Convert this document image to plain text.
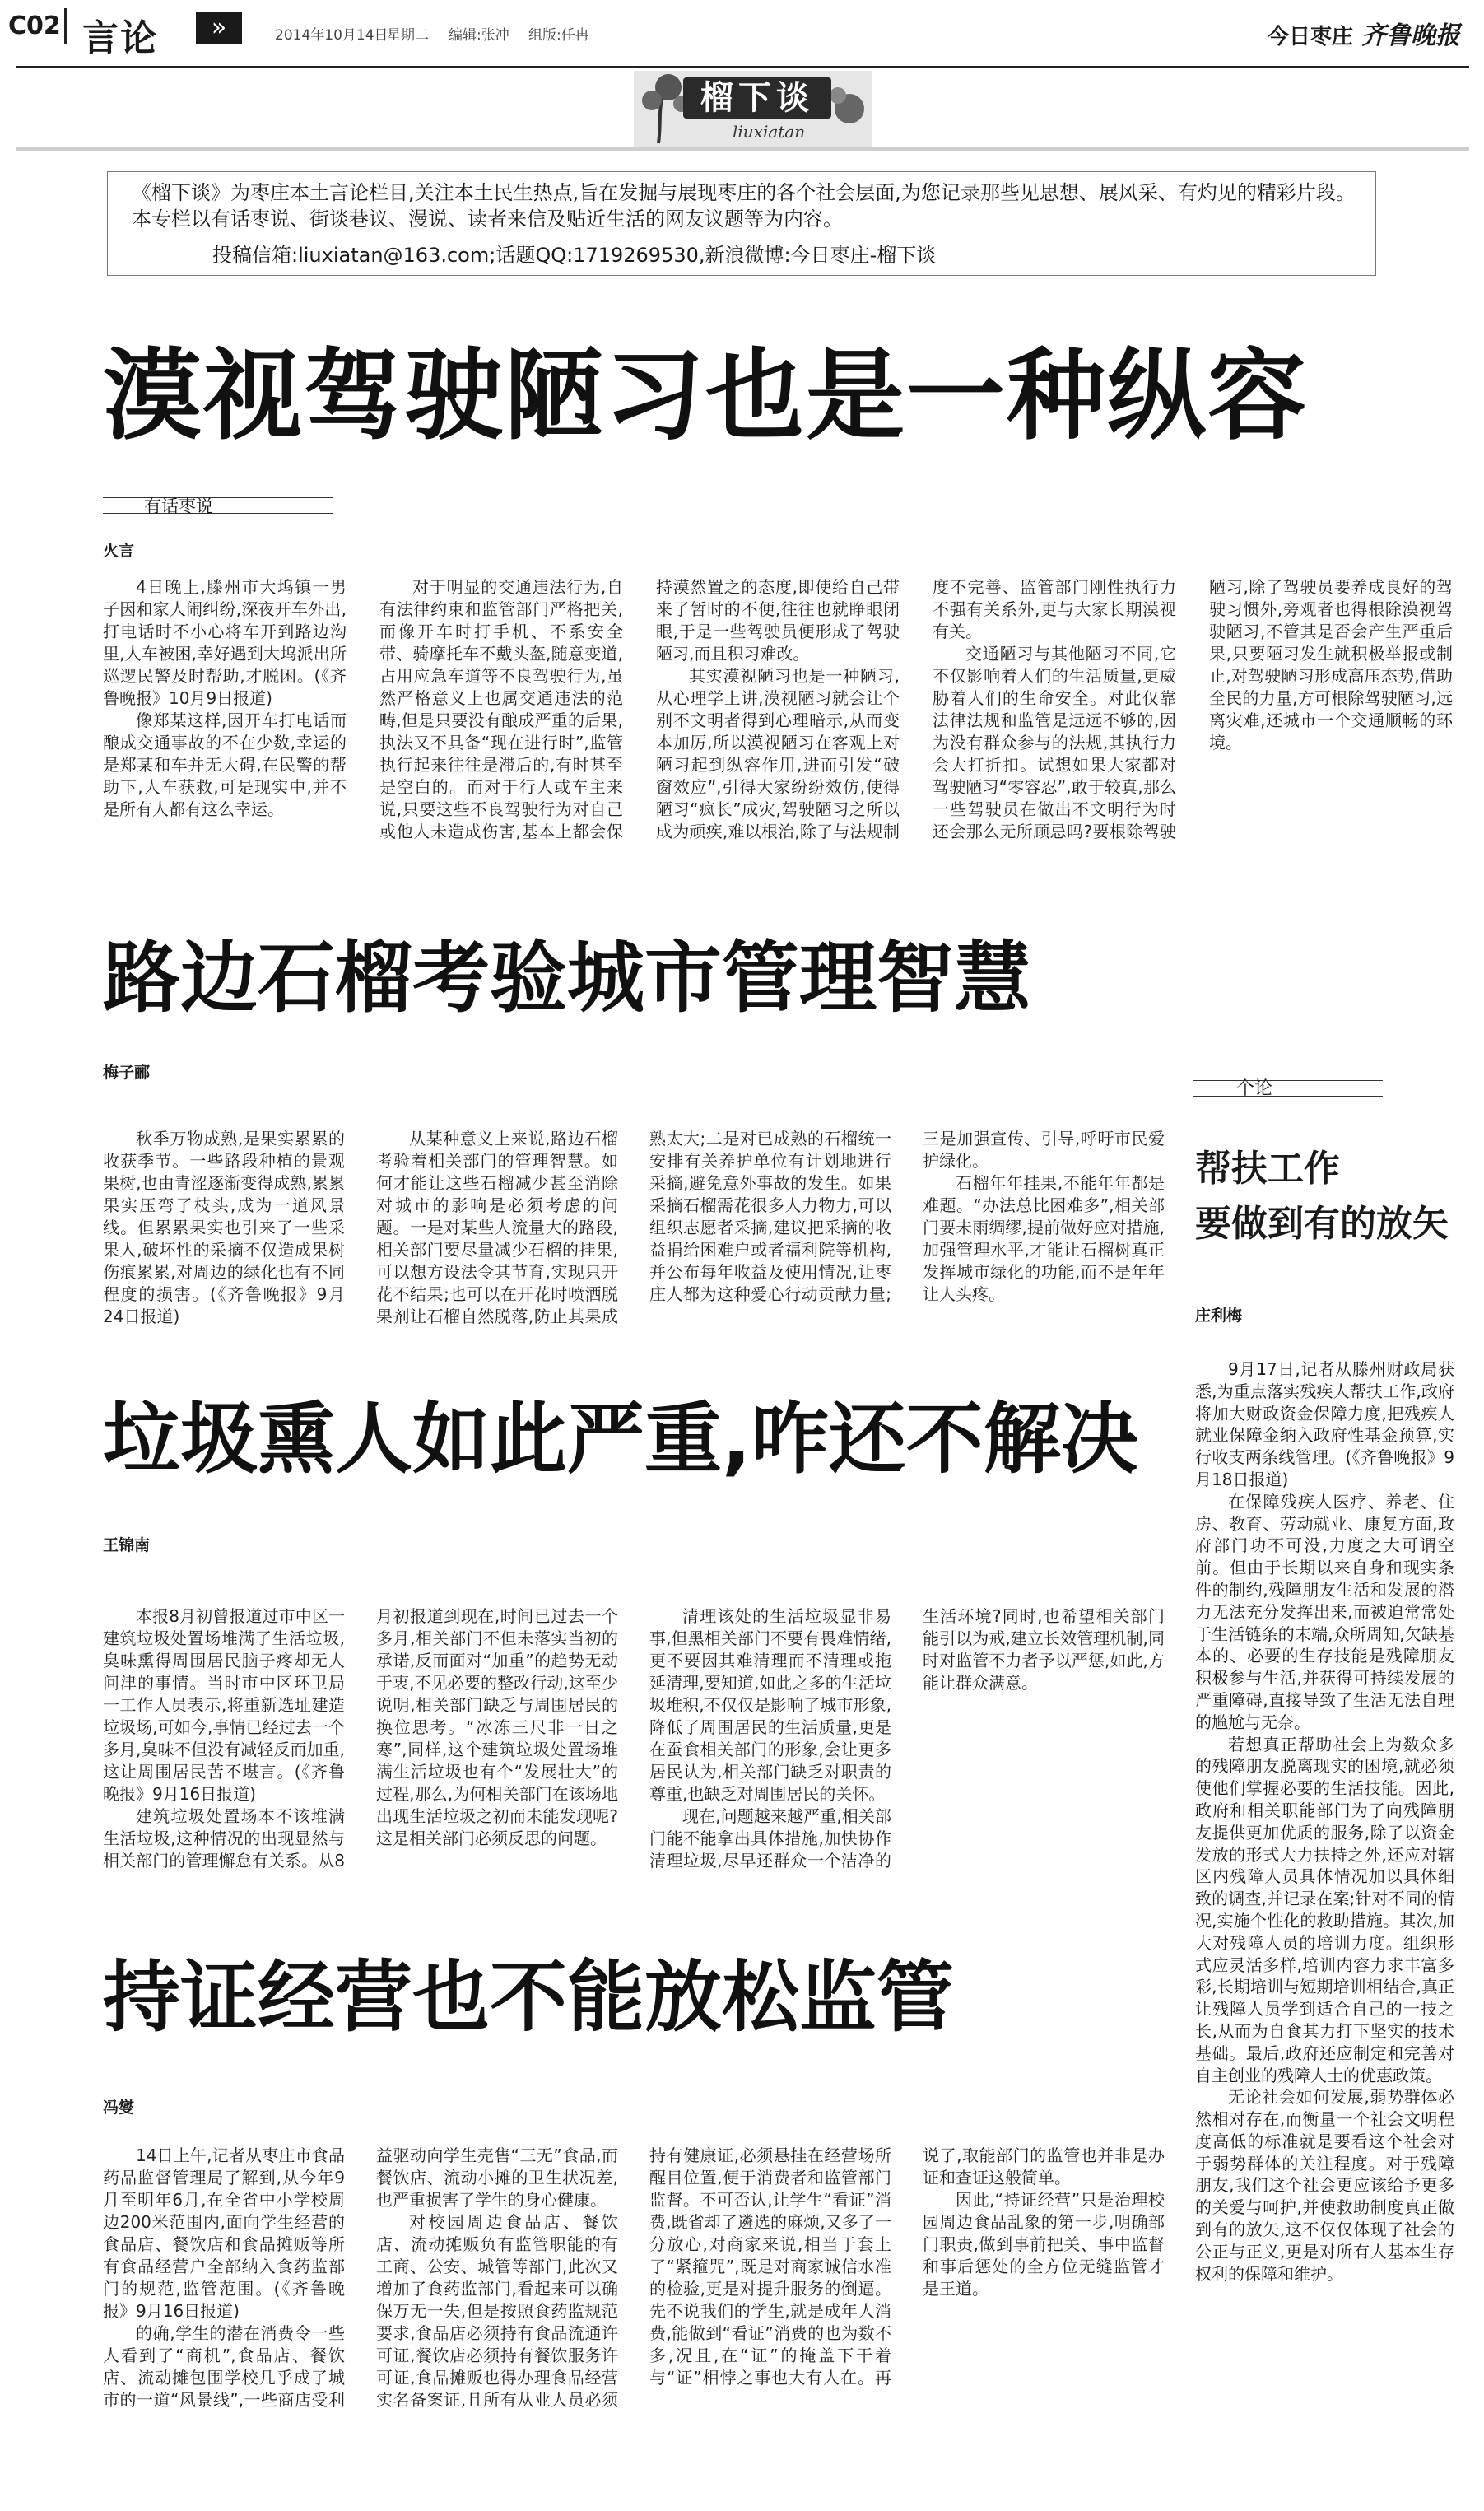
C02 言论	»	2014年10月14日
星期二 编辑:张冲 组版:任冉	今日枣庄 齐鲁晚报
榴下谈
liuxiatan
《榴下谈》为枣庄本土言论栏目,关注本土民生热点,旨在发掘与展现枣庄的各个社会层面,为您记录那些见思想、展风采、有灼见的精彩片段。本专栏以有话枣说、街谈巷议、漫说、读者来信及贴近生活的网友议题等为内容。
投稿信箱:liuxiatan@163.com;话题QQ:1719269530,新浪微博:今日枣庄-榴下谈
漠视驾驶陋习也是一种纵容
有话枣说
火言

4日晚上,滕州市大坞镇一男子因和家人闹纠纷,深夜开车外出,打电话时不小心将车开到路边沟里,人车被困,幸好遇到大坞派出所巡逻民警及时帮助,才脱困。(《齐鲁晚报》10月9日报道)

像郑某这样,因开车打电话而酿成交通事故的不在少数,幸运的是郑某和车并无大碍,在民警的帮助下,人车获救,可是现实中,并不是所有人都有这么幸运。

对于明显的交通违法行为,自有法律约束和监管部门严格把关,而像开车时打手机、不系安全带、骑摩托车不戴头盔,随意变道,占用应急车道等不良驾驶行为,虽然严格意义上也属交通违法的范畴,但是只要没有酿成严重的后果,执法又不具备“现在进行时”,监管执行起来往往是滞后的,有时甚至是空白的。而对于行人或车主来说,只要这些不良驾驶行为对自己或他人未造成伤害,基本上都会保持漠然置之的态度,即使给自己带来了暂时的不便,往往也就睁眼闭眼,于是一些驾驶员便形成了驾驶陋习,而且积习难改。

其实漠视陋习也是一种陋习,从心理学上讲,漠视陋习就会让个别不文明者得到心理暗示,从而变本加厉,所以漠视陋习在客观上对陋习起到纵容作用,进而引发“破窗效应”,引得大家纷纷效仿,使得陋习“疯长”成灾,驾驶陋习之所以成为顽疾,难以根治,除了与法规制度不完善、监管部门刚性执行力不强有关系外,更与大家长期漠视有关。

交通陋习与其他陋习不同,它不仅影响着人们的生活质量,更威胁着人们的生命安全。对此仅靠法律法规和监管是远远不够的,因为没有群众参与的法规,其执行力会大打折扣。试想如果大家都对驾驶陋习“零容忍”,敢于较真,那么一些驾驶员在做出不文明行为时还会那么无所顾忌吗?要根除驾驶陋习,除了驾驶员要养成良好的驾驶习惯外,旁观者也得根除漠视驾驶陋习,不管其是否会产生严重后果,只要陋习发生就积极举报或制止,对驾驶陋习形成高压态势,借助全民的力量,方可根除驾驶陋习,远离灾难,还城市一个交通顺畅的环境。

路边石榴考验城市管理智慧
梅子郦

秋季万物成熟,是果实累累的收获季节。一些路段种植的景观果树,也由青涩逐渐变得成熟,累累果实压弯了枝头,成为一道风景线。但累累果实也引来了一些采果人,破坏性的采摘不仅造成果树伤痕累累,对周边的绿化也有不同程度的损害。(《齐鲁晚报》9月24日报道)

从某种意义上来说,路边石榴考验着相关部门的管理智慧。如何才能让这些石榴减少甚至消除对城市的影响是必须考虑的问题。一是对某些人流量大的路段,相关部门要尽量减少石榴的挂果,可以想方设法令其节育,实现只开花不结果;也可以在开花时喷洒脱果剂让石榴自然脱落,防止其果成熟太大;二是对已成熟的石榴统一安排有关养护单位有计划地进行采摘,避免意外事故的发生。如果采摘石榴需花很多人力物力,可以组织志愿者采摘,建议把采摘的收益捐给困难户或者福利院等机构,并公布每年收益及使用情况,让枣庄人都为这种爱心行动贡献力量;三是加强宣传、引导,呼吁市民爱护绿化。

石榴年年挂果,不能年年都是难题。“办法总比困难多”,相关部门要未雨绸缪,提前做好应对措施,加强管理水平,才能让石榴树真正发挥城市绿化的功能,而不是年年让人头疼。

垃圾熏人如此严重,咋还不解决
王锦南

本报8月初曾报道过市中区一建筑垃圾处置场堆满了生活垃圾,臭味熏得周围居民脑子疼却无人问津的事情。当时市中区环卫局一工作人员表示,将重新选址建造垃圾场,可如今,事情已经过去一个多月,臭味不但没有减轻反而加重,这让周围居民苦不堪言。(《齐鲁晚报》9月16日报道)

建筑垃圾处置场本不该堆满生活垃圾,这种情况的出现显然与相关部门的管理懈怠有关系。从8月初报道到现在,时间已过去一个多月,相关部门不但未落实当初的承诺,反而面对“加重”的趋势无动于衷,不见必要的整改行动,这至少说明,相关部门缺乏与周围居民的换位思考。“冰冻三尺非一日之寒”,同样,这个建筑垃圾处置场堆满生活垃圾也有个“发展壮大”的过程,那么,为何相关部门在该场地出现生活垃圾之初而未能发现呢?这是相关部门必须反思的问题。

清理该处的生活垃圾显非易事,但黑相关部门不要有畏难情绪,更不要因其难清理而不清理或拖延清理,要知道,如此之多的生活垃圾堆积,不仅仅是影响了城市形象,降低了周围居民的生活质量,更是在蚕食相关部门的形象,会让更多居民认为,相关部门缺乏对职责的尊重,也缺乏对周围居民的关怀。

现在,问题越来越严重,相关部门能不能拿出具体措施,加快协作清理垃圾,尽早还群众一个洁净的生活环境?同时,也希望相关部门能引以为戒,建立长效管理机制,同时对监管不力者予以严惩,如此,方能让群众满意。

持证经营也不能放松监管
冯燮

14日上午,记者从枣庄市食品药品监督管理局了解到,从今年9月至明年6月,在全省中小学校周边200米范围内,面向学生经营的食品店、餐饮店和食品摊贩等所有食品经营户全部纳入食药监部门的规范,监管范围。(《齐鲁晚报》9月16日报道)

的确,学生的潜在消费令一些人看到了“商机”,食品店、餐饮店、流动摊包围学校几乎成了城市的一道“风景线”,一些商店受利益驱动向学生売售“三无”食品,而餐饮店、流动小摊的卫生状况差,也严重损害了学生的身心健康。

对校园周边食品店、餐饮店、流动摊贩负有监管职能的有工商、公安、城管等部门,此次又增加了食药监部门,看起来可以确保万无一失,但是按照食药监规范要求,食品店必须持有食品流通许可证,餐饮店必须持有餐饮服务许可证,食品摊贩也得办理食品经营实名备案证,且所有从业人员必须持有健康证,必须悬挂在经营场所醒目位置,便于消费者和监管部门监督。不可否认,让学生“看证”消费,既省却了遴选的麻烦,又多了一分放心,对商家来说,相当于套上了“紧箍咒”,既是对商家诚信水准的检验,更是对提升服务的倒逼。先不说我们的学生,就是成年人消费,能做到“看证”消费的也为数不多,况且,在“证”的掩盖下干着与“证”相悖之事也大有人在。再说了,取能部门的监管也并非是办证和查证这般简单。

因此,“持证经营”只是治理校园周边食品乱象的第一步,明确部门职责,做到事前把关、事中监督和事后惩处的全方位无缝监管才是王道。

个论
帮扶工作
要做到有的放矢
庄利梅

9月17日,记者从滕州财政局获悉,为重点落实残疾人帮扶工作,政府将加大财政资金保障力度,把残疾人就业保障金纳入政府性基金预算,实行收支两条线管理。(《齐鲁晚报》9月18日报道)

在保障残疾人医疗、养老、住房、教育、劳动就业、康复方面,政府部门功不可没,力度之大可谓空前。但由于长期以来自身和现实条件的制约,残障朋友生活和发展的潜力无法充分发挥出来,而被迫常常处于生活链条的末端,众所周知,欠缺基本的、必要的生存技能是残障朋友积极参与生活,并获得可持续发展的严重障碍,直接导致了生活无法自理的尴尬与无奈。

若想真正帮助社会上为数众多的残障朋友脱离现实的困境,就必须使他们掌握必要的生活技能。因此,政府和相关职能部门为了向残障朋友提供更加优质的服务,除了以资金发放的形式大力扶持之外,还应对辖区内残障人员具体情况加以具体细致的调查,并记录在案;针对不同的情况,实施个性化的救助措施。其次,加大对残障人员的培训力度。组织形式应灵活多样,培训内容力求丰富多彩,长期培训与短期培训相结合,真正让残障人员学到适合自己的一技之长,从而为自食其力打下坚实的技术基础。最后,政府还应制定和完善对自主创业的残障人士的优惠政策。

无论社会如何发展,弱势群体必然相对存在,而衡量一个社会文明程度高低的标准就是要看这个社会对于弱势群体的关注程度。对于残障朋友,我们这个社会更应该给予更多的关爱与呵护,并使救助制度真正做到有的放矢,这不仅仅体现了社会的公正与正义,更是对所有人基本生存权利的保障和维护。
